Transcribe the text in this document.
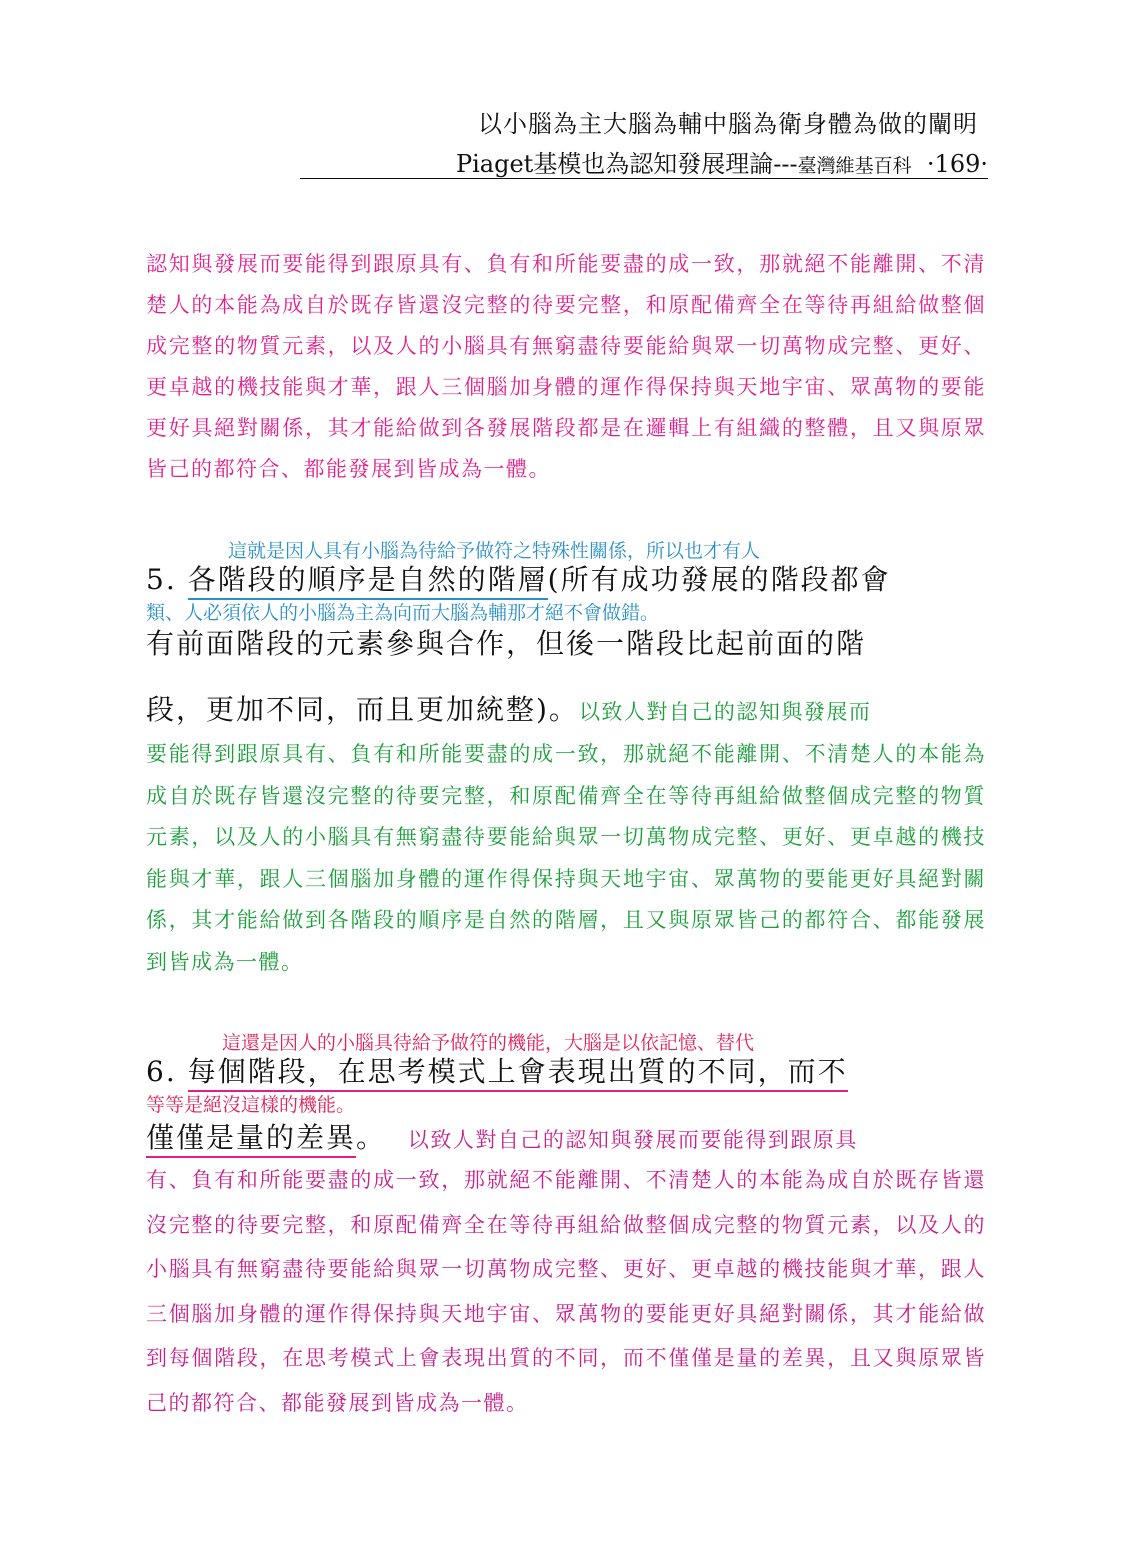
以小腦為主大腦為輔中腦為衛身體為做的闡明
Piaget基模也為認知發展理論---臺灣維基百科 ·169·
認知與發展而要能得到跟原具有、負有和所能要盡的成一致，那就絕不能離開、不清楚人的本能為成自於既存皆還沒完整的待要完整，和原配備齊全在等待再組給做整個成完整的物質元素，以及人的小腦具有無窮盡待要能給與眾一切萬物成完整、更好、更卓越的機技能與才華，跟人三個腦加身體的運作得保持與天地宇宙、眾萬物的要能更好具絕對關係，其才能給做到各發展階段都是在邏輯上有組織的整體，且又與原眾皆己的都符合、都能發展到皆成為一體。
這就是因人具有小腦為待給予做符之特殊性關係，所以也才有人
5. 各階段的順序是自然的階層(所有成功發展的階段都會
類、人必須依人的小腦為主為向而大腦為輔那才絕不會做錯。
有前面階段的元素參與合作，但後一階段比起前面的階
段，更加不同，而且更加統整)。以致人對自己的認知與發展而
要能得到跟原具有、負有和所能要盡的成一致，那就絕不能離開、不清楚人的本能為成自於既存皆還沒完整的待要完整，和原配備齊全在等待再組給做整個成完整的物質元素，以及人的小腦具有無窮盡待要能給與眾一切萬物成完整、更好、更卓越的機技能與才華，跟人三個腦加身體的運作得保持與天地宇宙、眾萬物的要能更好具絕對關係，其才能給做到各階段的順序是自然的階層，且又與原眾皆己的都符合、都能發展到皆成為一體。
這還是因人的小腦具待給予做符的機能，大腦是以依記憶、替代
6. 每個階段，在思考模式上會表現出質的不同，而不
等等是絕沒這樣的機能。
僅僅是量的差異。 以致人對自己的認知與發展而要能得到跟原具
有、負有和所能要盡的成一致，那就絕不能離開、不清楚人的本能為成自於既存皆還沒完整的待要完整，和原配備齊全在等待再組給做整個成完整的物質元素，以及人的小腦具有無窮盡待要能給與眾一切萬物成完整、更好、更卓越的機技能與才華，跟人三個腦加身體的運作得保持與天地宇宙、眾萬物的要能更好具絕對關係，其才能給做到每個階段，在思考模式上會表現出質的不同，而不僅僅是量的差異，且又與原眾皆己的都符合、都能發展到皆成為一體。
